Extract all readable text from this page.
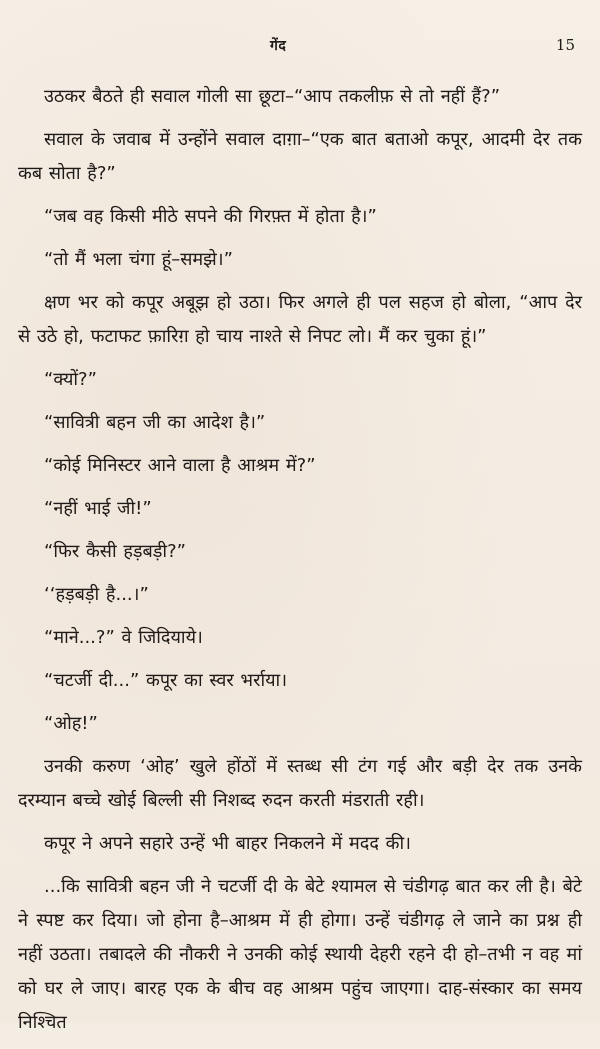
गेंद	15

उठकर बैठते ही सवाल गोली सा छूटा–“आप तकलीफ़ से तो नहीं हैं?”

सवाल के जवाब में उन्होंने सवाल दाग़ा–“एक बात बताओ कपूर, आदमी देर तक कब सोता है?”

“जब वह किसी मीठे सपने की गिरफ़्त में होता है।”

“तो मैं भला चंगा हूं–समझे।”

क्षण भर को कपूर अबूझ हो उठा। फिर अगले ही पल सहज हो बोला, “आप देर से उठे हो, फटाफट फ़ारिग़ हो चाय नाश्ते से निपट लो। मैं कर चुका हूं।”

“क्यों?”

“सावित्री बहन जी का आदेश है।”

“कोई मिनिस्टर आने वाला है आश्रम में?”

“नहीं भाई जी!”

“फिर कैसी हड़बड़ी?”

‘‘हड़बड़ी है...।”

“माने...?” वे जिदियाये।

“चटर्जी दी...” कपूर का स्वर भर्राया।

“ओह!”

उनकी करुण ‘ओह’ खुले होंठों में स्तब्ध सी टंग गई और बड़ी देर तक उनके दरम्यान बच्चे खोई बिल्ली सी निशब्द रुदन करती मंडराती रही।

कपूर ने अपने सहारे उन्हें भी बाहर निकलने में मदद की।

...कि सावित्री बहन जी ने चटर्जी दी के बेटे श्यामल से चंडीगढ़ बात कर ली है। बेटे ने स्पष्ट कर दिया। जो होना है–आश्रम में ही होगा। उन्हें चंडीगढ़ ले जाने का प्रश्न ही नहीं उठता। तबादले की नौकरी ने उनकी कोई स्थायी देहरी रहने दी हो–तभी न वह मां को घर ले जाए। बारह एक के बीच वह आश्रम पहुंच जाएगा। दाह-संस्कार का समय निश्चित
